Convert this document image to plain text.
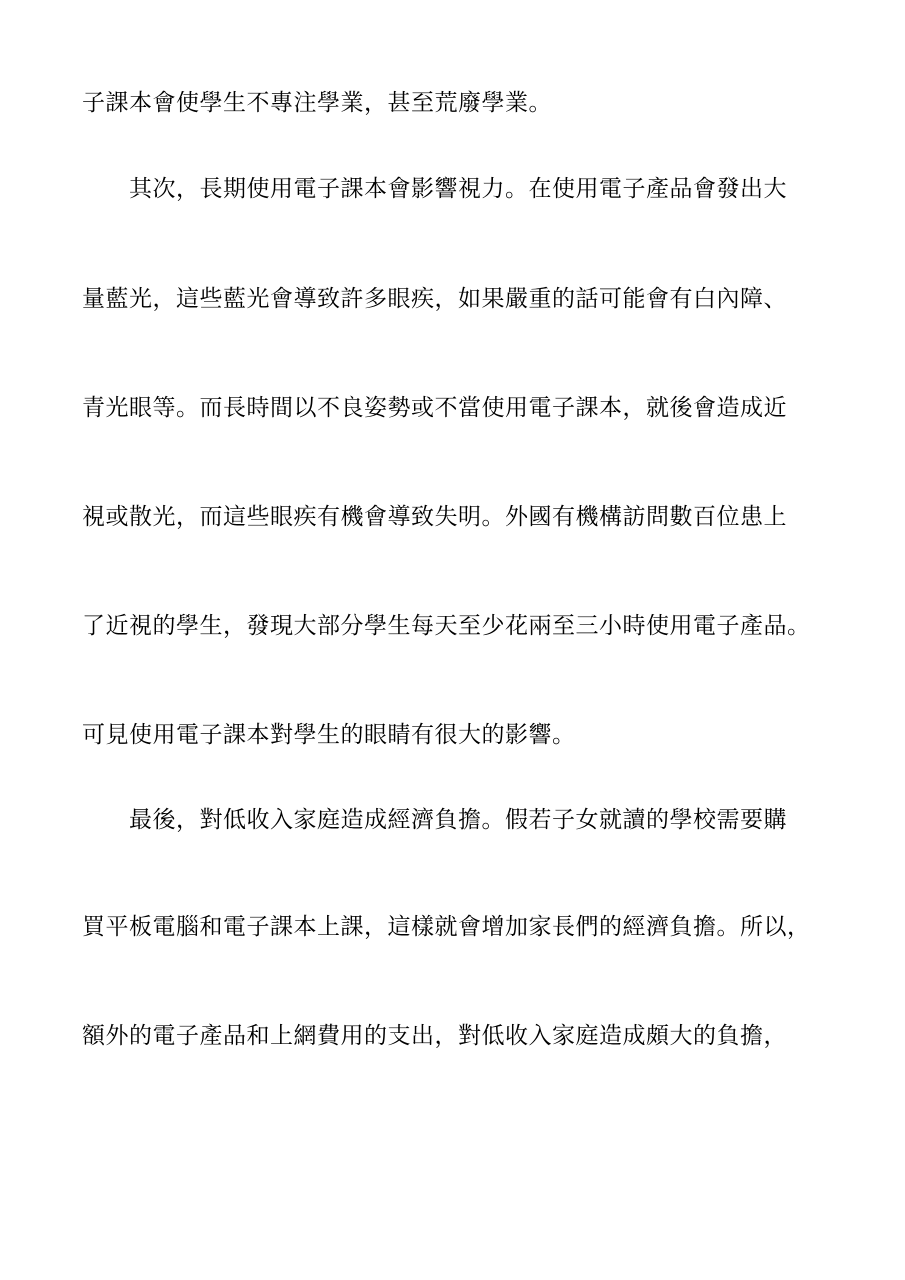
子課本會使學生不專注學業，甚至荒廢學業。
　　其次，長期使用電子課本會影響視力。在使用電子產品會發出大
量藍光，這些藍光會導致許多眼疾，如果嚴重的話可能會有白內障、
青光眼等。而長時間以不良姿勢或不當使用電子課本，就後會造成近
視或散光，而這些眼疾有機會導致失明。外國有機構訪問數百位患上
了近視的學生，發現大部分學生每天至少花兩至三小時使用電子產品。
可見使用電子課本對學生的眼睛有很大的影響。
　　最後，對低收入家庭造成經濟負擔。假若子女就讀的學校需要購
買平板電腦和電子課本上課，這樣就會增加家長們的經濟負擔。所以，
額外的電子產品和上網費用的支出，對低收入家庭造成頗大的負擔，
